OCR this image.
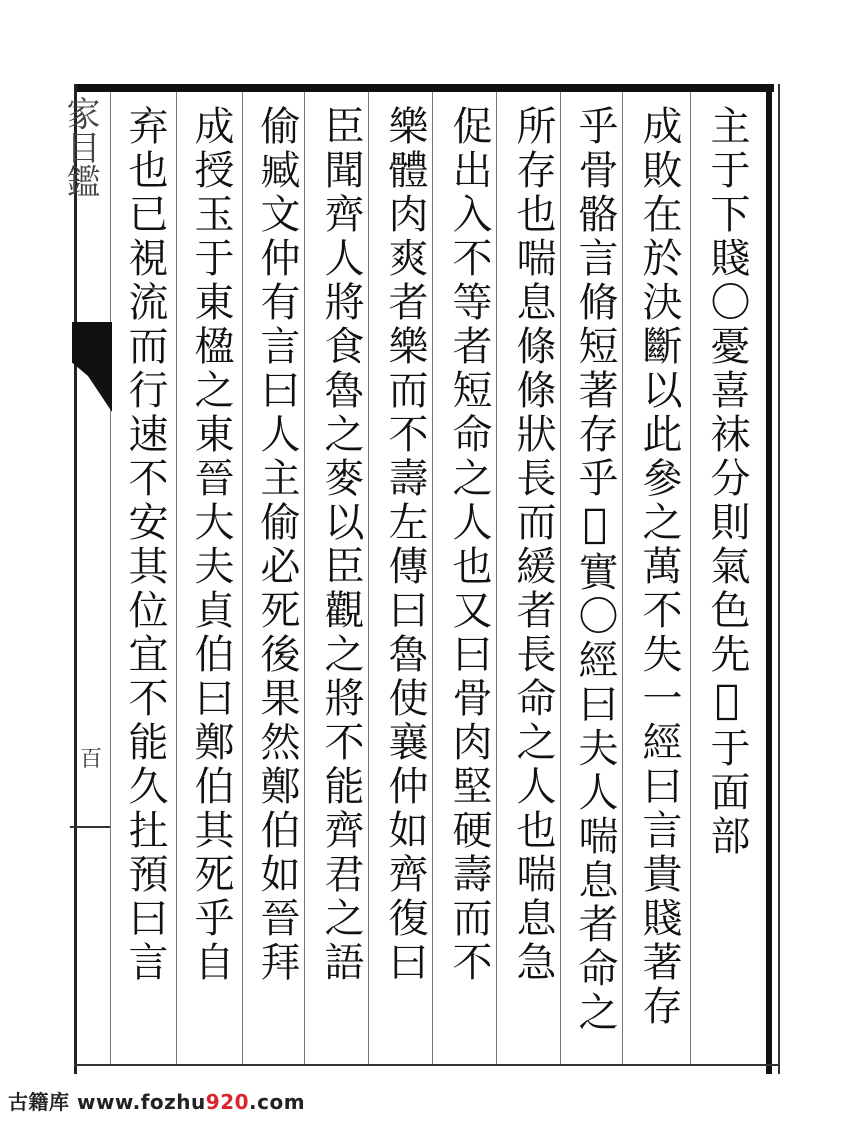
家目鑑
百	主于下賤〇憂喜袜分則氣色先𤼵于面部
成敗在於決斷以此參之萬不失一經曰言貴賤著存
乎骨骼言脩短著存乎𧇊實〇經曰夫人喘息者命之
所存也喘息條條狀長而緩者長命之人也喘息急
促出入不等者短命之人也又曰骨肉堅硬壽而不
樂體肉爽者樂而不壽左傳曰魯使襄仲如齊復曰
臣聞齊人將食魯之麥以臣觀之將不能齊君之語
偷臧文仲有言曰人主偷必死後果然鄭伯如晉拜
成授玉于東楹之東晉大夫貞伯曰鄭伯其死乎自
弃也已視流而行速不安其位宜不能久扗預曰言
古籍库 www.fozhu920.com
